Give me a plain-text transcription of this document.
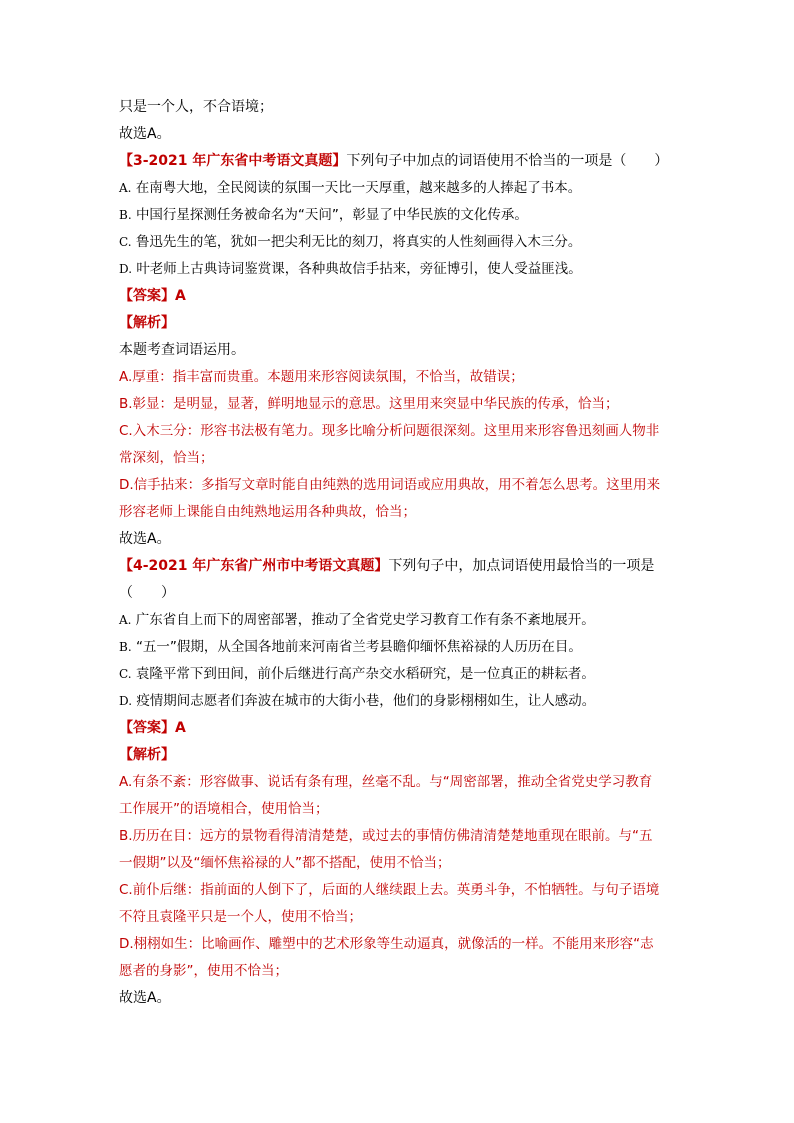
只是一个人，不合语境；
故选A。
【3-2021 年广东省中考语文真题】下列句子中加点的词语使用不恰当的一项是（　　）
A. 在南粤大地，全民阅读的氛围一天比一天厚重，越来越多的人捧起了书本。
B. 中国行星探测任务被命名为“天问”，彰显了中华民族的文化传承。
C. 鲁迅先生的笔，犹如一把尖利无比的刻刀，将真实的人性刻画得入木三分。
D. 叶老师上古典诗词鉴赏课，各种典故信手拈来，旁征博引，使人受益匪浅。
【答案】A
【解析】
本题考查词语运用。
A.厚重：指丰富而贵重。本题用来形容阅读氛围，不恰当，故错误；
B.彰显：是明显，显著，鲜明地显示的意思。这里用来突显中华民族的传承，恰当；
C.入木三分：形容书法极有笔力。现多比喻分析问题很深刻。这里用来形容鲁迅刻画人物非
常深刻，恰当；
D.信手拈来：多指写文章时能自由纯熟的选用词语或应用典故，用不着怎么思考。这里用来
形容老师上课能自由纯熟地运用各种典故，恰当；
故选A。
【4-2021 年广东省广州市中考语文真题】下列句子中，加点词语使用最恰当的一项是
（　　）
A. 广东省自上而下的周密部署，推动了全省党史学习教育工作有条不紊地展开。
B. “五一”假期，从全国各地前来河南省兰考县瞻仰缅怀焦裕禄的人历历在目。
C. 袁隆平常下到田间，前仆后继进行高产杂交水稻研究，是一位真正的耕耘者。
D. 疫情期间志愿者们奔波在城市的大街小巷，他们的身影栩栩如生，让人感动。
【答案】A
【解析】
A.有条不紊：形容做事、说话有条有理，丝毫不乱。与“周密部署，推动全省党史学习教育
工作展开”的语境相合，使用恰当；
B.历历在目：远方的景物看得清清楚楚，或过去的事情仿佛清清楚楚地重现在眼前。与“五
一假期”以及“缅怀焦裕禄的人”都不搭配，使用不恰当；
C.前仆后继：指前面的人倒下了，后面的人继续跟上去。英勇斗争，不怕牺牲。与句子语境
不符且袁隆平只是一个人，使用不恰当；
D.栩栩如生：比喻画作、雕塑中的艺术形象等生动逼真，就像活的一样。不能用来形容“志
愿者的身影”，使用不恰当；
故选A。
